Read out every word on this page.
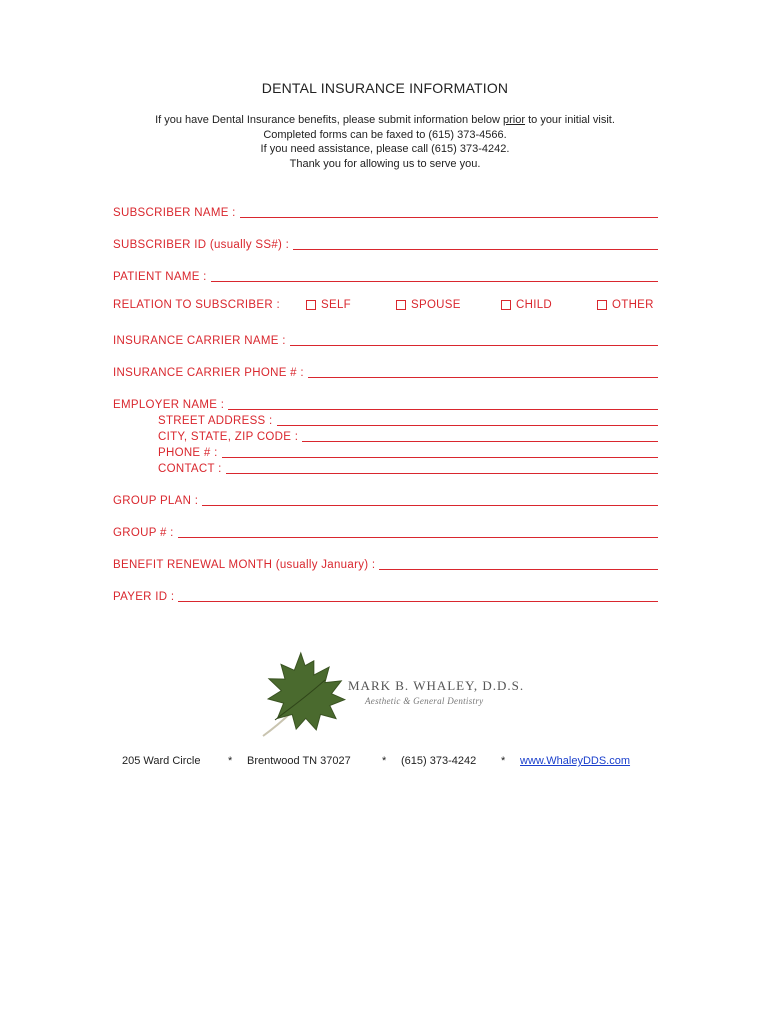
DENTAL INSURANCE INFORMATION
If you have Dental Insurance benefits, please submit information below prior to your initial visit.
Completed forms can be faxed to (615) 373-4566.
If you need assistance, please call (615) 373-4242.
Thank you for allowing us to serve you.
SUBSCRIBER NAME :
SUBSCRIBER ID (usually SS#) :
PATIENT NAME :
RELATION TO SUBSCRIBER :	SELF	SPOUSE	CHILD	OTHER
INSURANCE CARRIER NAME :
INSURANCE CARRIER PHONE # :
EMPLOYER NAME :
STREET ADDRESS :
CITY, STATE, ZIP CODE :
PHONE # :
CONTACT :
GROUP PLAN :
GROUP # :
BENEFIT RENEWAL MONTH (usually January) :
PAYER ID :
MARK B. WHALEY, D.D.S.
Aesthetic & General Dentistry
205 Ward Circle	* Brentwood TN 37027	* (615) 373-4242 * www.WhaleyDDS.com
